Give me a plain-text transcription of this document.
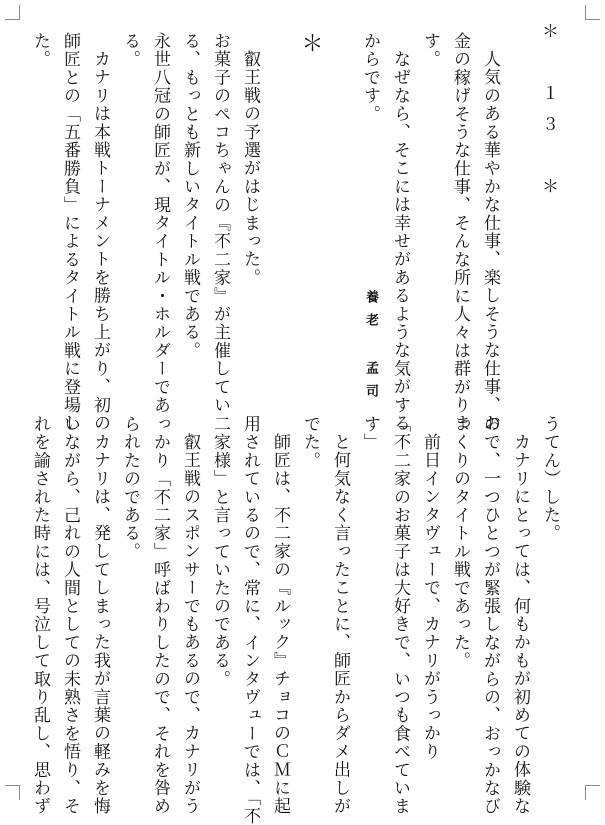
人気のある華やかな仕事、楽しそうな仕事、お
金の稼げそうな仕事、そんな所に人々は群がりま
す。
なぜなら、そこには幸せがあるような気がする
からです。	＊　１３　＊
＊
養老 孟司
叡王戦の予選がはじまった。
お菓子のペコちゃんの『不二家』が主催してい
る、もっとも新しいタイトル戦である。
永世八冠の師匠が、現タイトル・ホルダーであ
る。
カナリは本戦トーナメントを勝ち上がり、初の
師匠との「五番勝負」によるタイトル戦に登場し
た。
うてん）した。
カナリにとっては、何もかもが初めての体験な
ので、一つひとつが緊張しながらの、おっかなび
っくりのタイトル戦であった。
前日インタヴューで、カナリがうっかり
「不二家のお菓子は大好きで、いつも食べていま
す」
と何気なく言ったことに、師匠からダメ出しが
でた。
師匠は、不二家の『ルック』チョコのＣＭに起
用されているので、常に、インタヴューでは、「不
二家様」と言っていたのである。
叡王戦のスポンサーでもあるので、カナリがう
っかり「不二家」呼ばわりしたので、それを咎め
られたのである。
カナリは、発してしまった我が言葉の軽みを悔
いながら、己れの人間としての未熟さを悟り、そ
れを諭された時には、号泣して取り乱し、思わず
